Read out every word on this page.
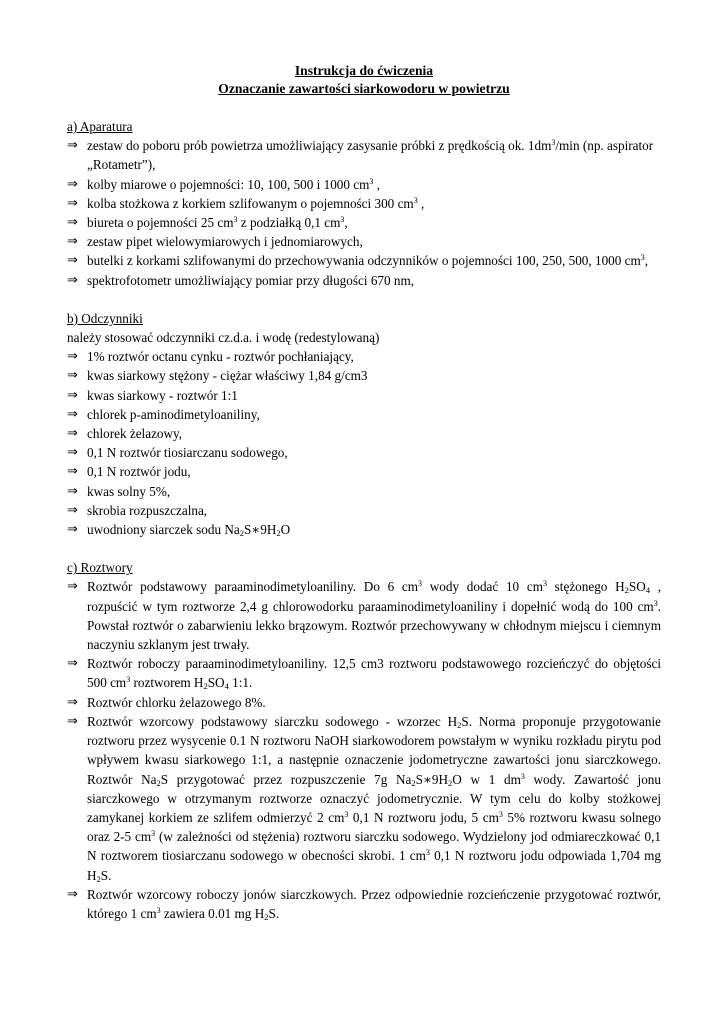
Instrukcja do ćwiczenia

Oznaczanie zawartości siarkowodoru w powietrzu

a) Aparatura

⇒ zestaw do poboru prób powietrza umożliwiający zasysanie próbki z prędkością ok. $1dm^3/\min$ (np. aspirator „Rotametr”),

⇒ kolby miarowe o pojemności: 10, 100, 500 i 1000 $cm^3$ ,

⇒ kolba stożkowa z korkiem szlifowanym o pojemności 300 $cm^3$ ,

⇒ biureta o pojemności 25 $cm^3$ z podziałką 0,1 $cm^3$,

⇒ zestaw pipet wielowymiarowych i jednomiarowych,

⇒ butelki z korkami szlifowanymi do przechowywania odczynników o pojemności 100, 250, 500, 1000 $cm^3$,

⇒ spektrofotometr umożliwiający pomiar przy długości 670 nm,

b) Odczynniki

należy stosować odczynniki cz.d.a. i wodę (redestylowaną)

⇒ 1% roztwór octanu cynku - roztwór pochłaniający,

⇒ kwas siarkowy stężony - ciężar właściwy 1,84 g/cm3

⇒ kwas siarkowy - roztwór 1:1

⇒ chlorek p-aminodimetyloaniliny,

⇒ chlorek żelazowy,

⇒ 0,1 N roztwór tiosiarczanu sodowego,

⇒ 0,1 N roztwór jodu,

⇒ kwas solny 5%,

⇒ skrobia rozpuszczalna,

⇒ uwodniony siarczek sodu $Na_2S∗9H_2O$

c) Roztwory

⇒ Roztwór podstawowy paraaminodimetyloaniliny. Do 6 $cm^3$ wody dodać 10 $cm^3$ stężonego $H_2SO_4$ , rozpuścić w tym roztworze 2,4 g chlorowodorku paraaminodimetyloaniliny i dopełnić wodą do 100 $cm^3$. Powstał roztwór o zabarwieniu lekko brązowym. Roztwór przechowywany w chłodnym miejscu i ciemnym naczyniu szklanym jest trwały.

⇒ Roztwór roboczy paraaminodimetyloaniliny. 12,5 cm3 roztworu podstawowego rozcieńczyć do objętości 500 $cm^3$ roztworem $H_2SO_4$ 1:1.

⇒ Roztwór chlorku żelazowego 8%.

⇒ Roztwór wzorcowy podstawowy siarczku sodowego - wzorzec $H_2S$. Norma proponuje przygotowanie roztworu przez wysycenie 0.1 N roztworu NaOH siarkowodorem powstałym w wyniku rozkładu pirytu pod wpływem kwasu siarkowego 1:1, a następnie oznaczenie jodometryczne zawartości jonu siarczkowego. Roztwór $Na_2S$ przygotować przez rozpuszczenie 7g $Na_2S∗9H_2O$ w 1 $dm^3$ wody. Zawartość jonu siarczkowego w otrzymanym roztworze oznaczyć jodometrycznie. W tym celu do kolby stożkowej zamykanej korkiem ze szlifem odmierzyć 2 $cm^3$ 0,1 N roztworu jodu, 5 $cm^3$ 5% roztworu kwasu solnego oraz 2-5 $cm^3$ (w zależności od stężenia) roztworu siarczku sodowego. Wydzielony jod odmiareczkować 0,1 N roztworem tiosiarczanu sodowego w obecności skrobi. 1 $cm^3$ 0,1 N roztworu jodu odpowiada 1,704 mg $H_2S$.

⇒ Roztwór wzorcowy roboczy jonów siarczkowych. Przez odpowiednie rozcieńczenie przygotować roztwór, którego 1 $cm^3$ zawiera 0.01 mg $H_2S$.
